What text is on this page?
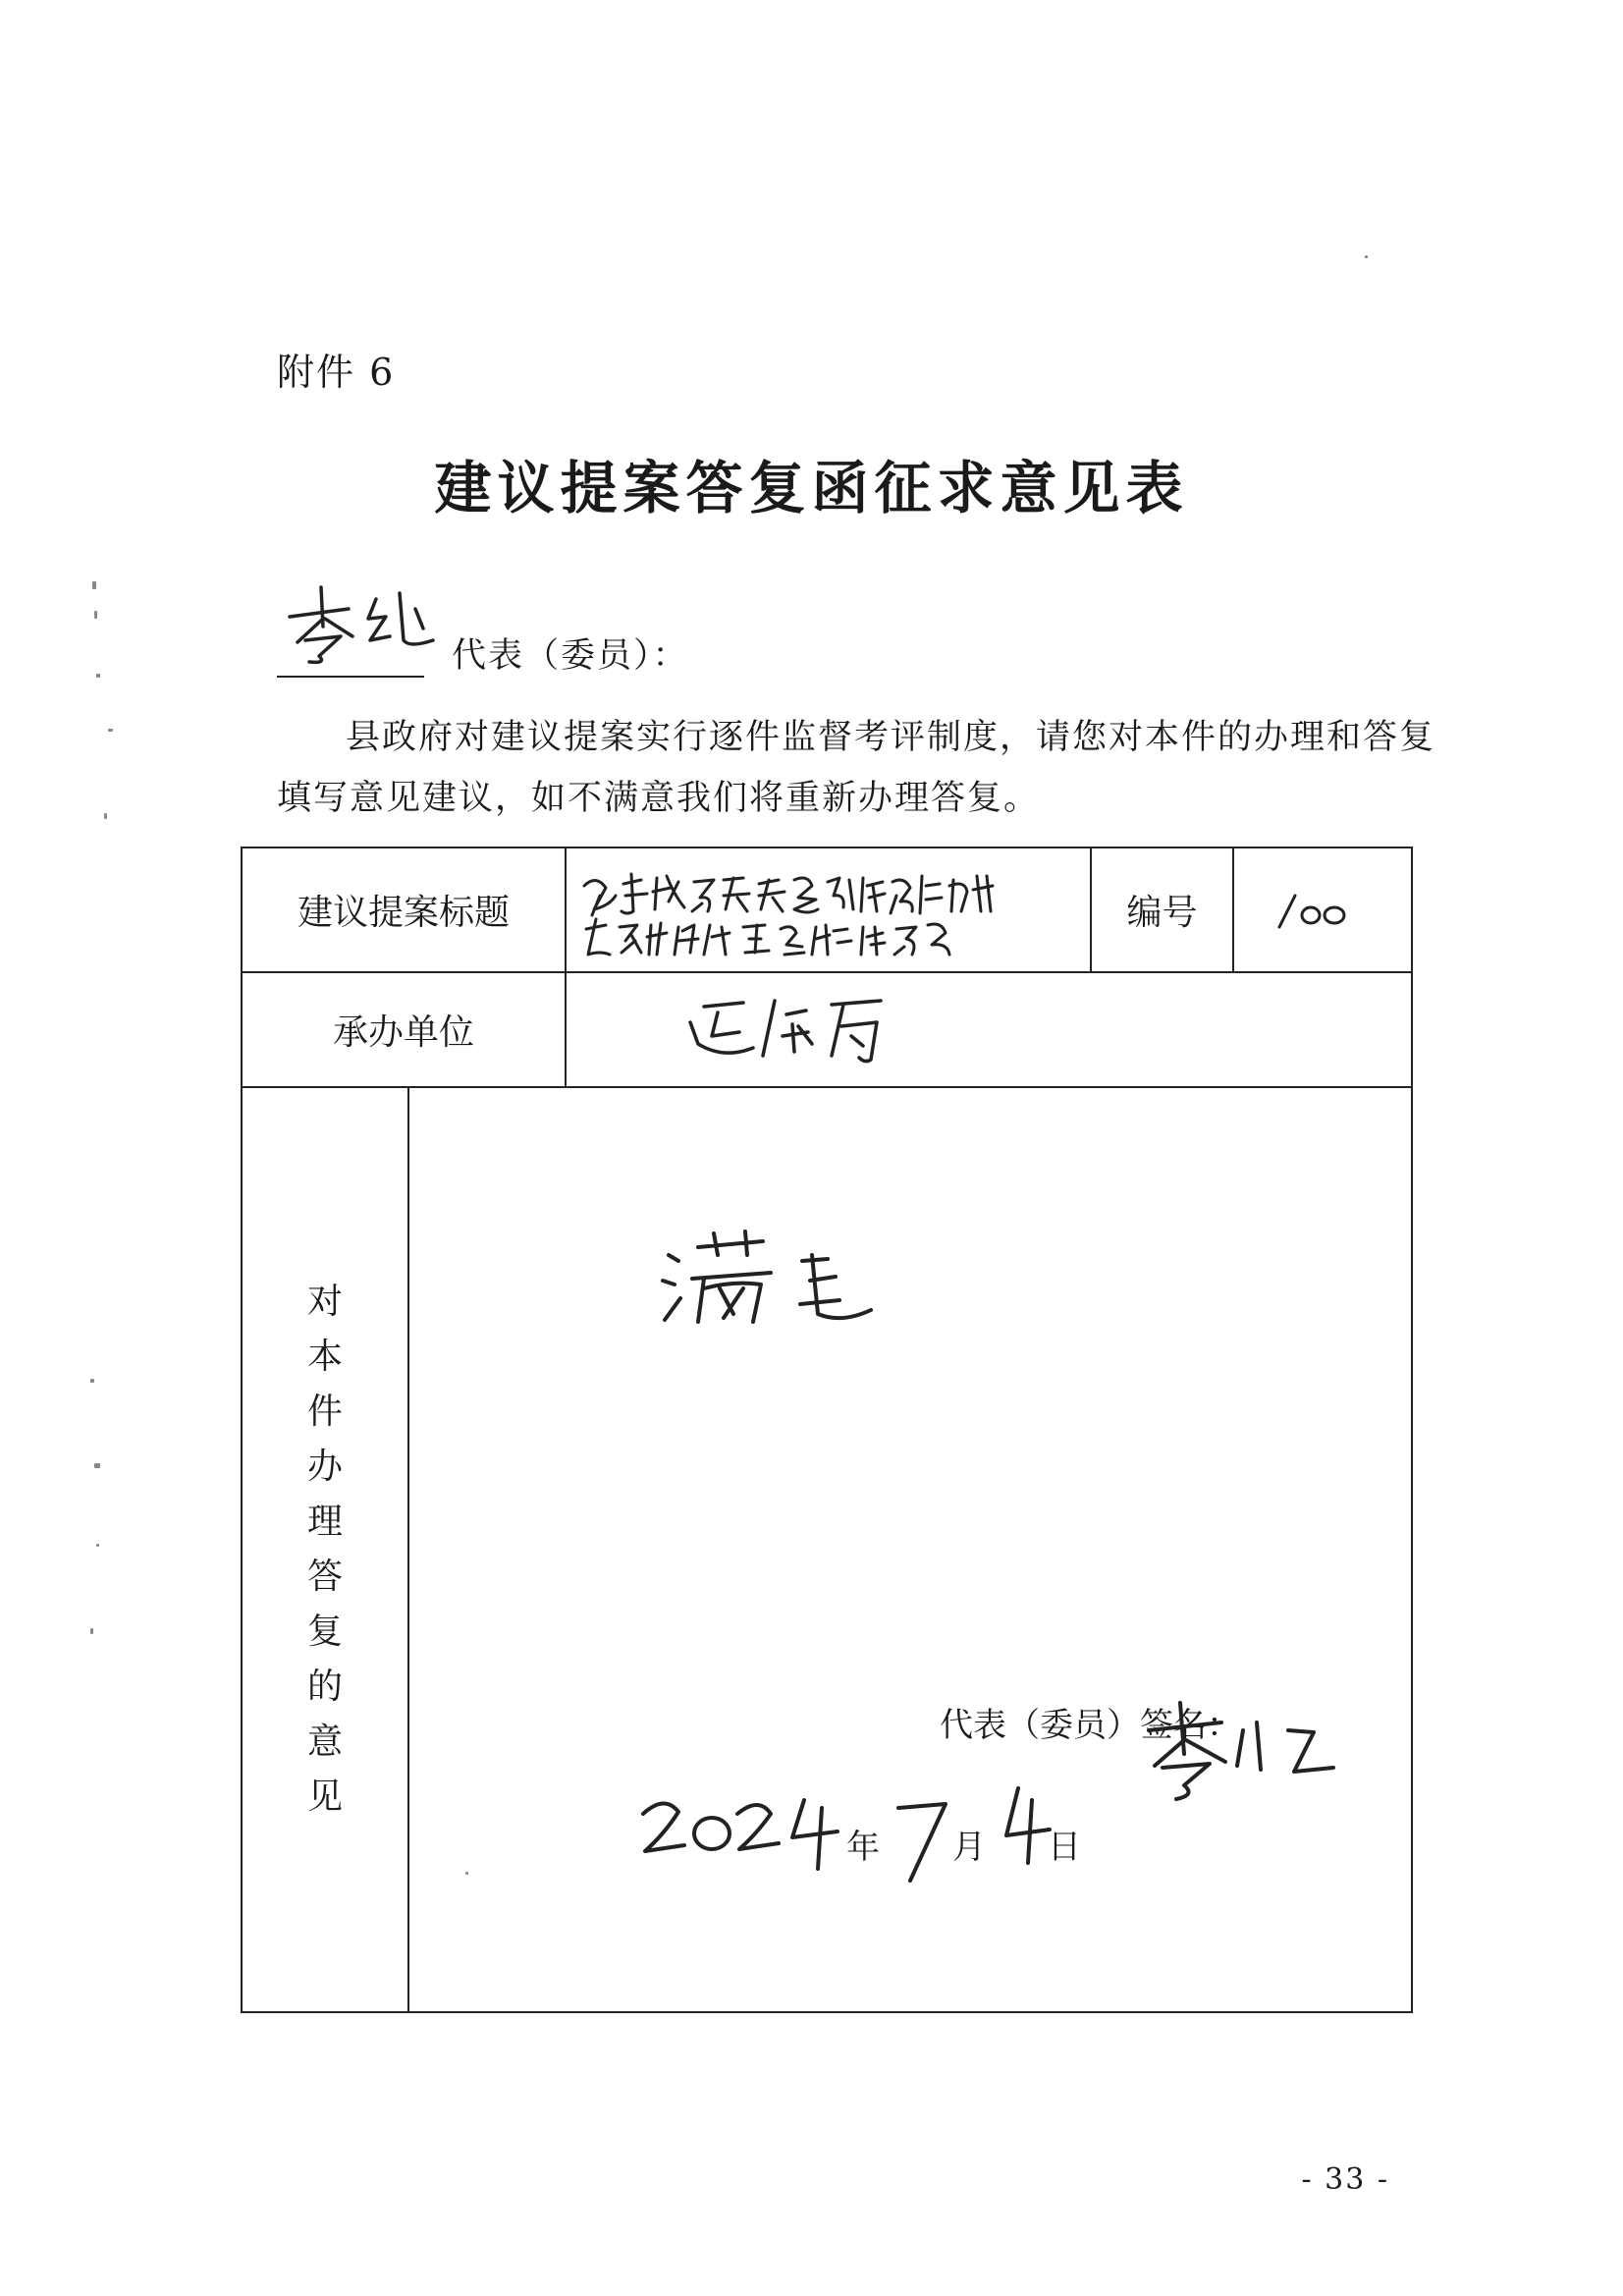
附件 6
建议提案答复函征求意见表
代表（委员）：

县政府对建议提案实行逐件监督考评制度，请您对本件的办理和答复填写意见建议，如不满意我们将重新办理答复。

建议提案标题			编号	

承办单位	

对本件办理答复的意见	代表（委员）签名：
年 月 日			
- 33 -
